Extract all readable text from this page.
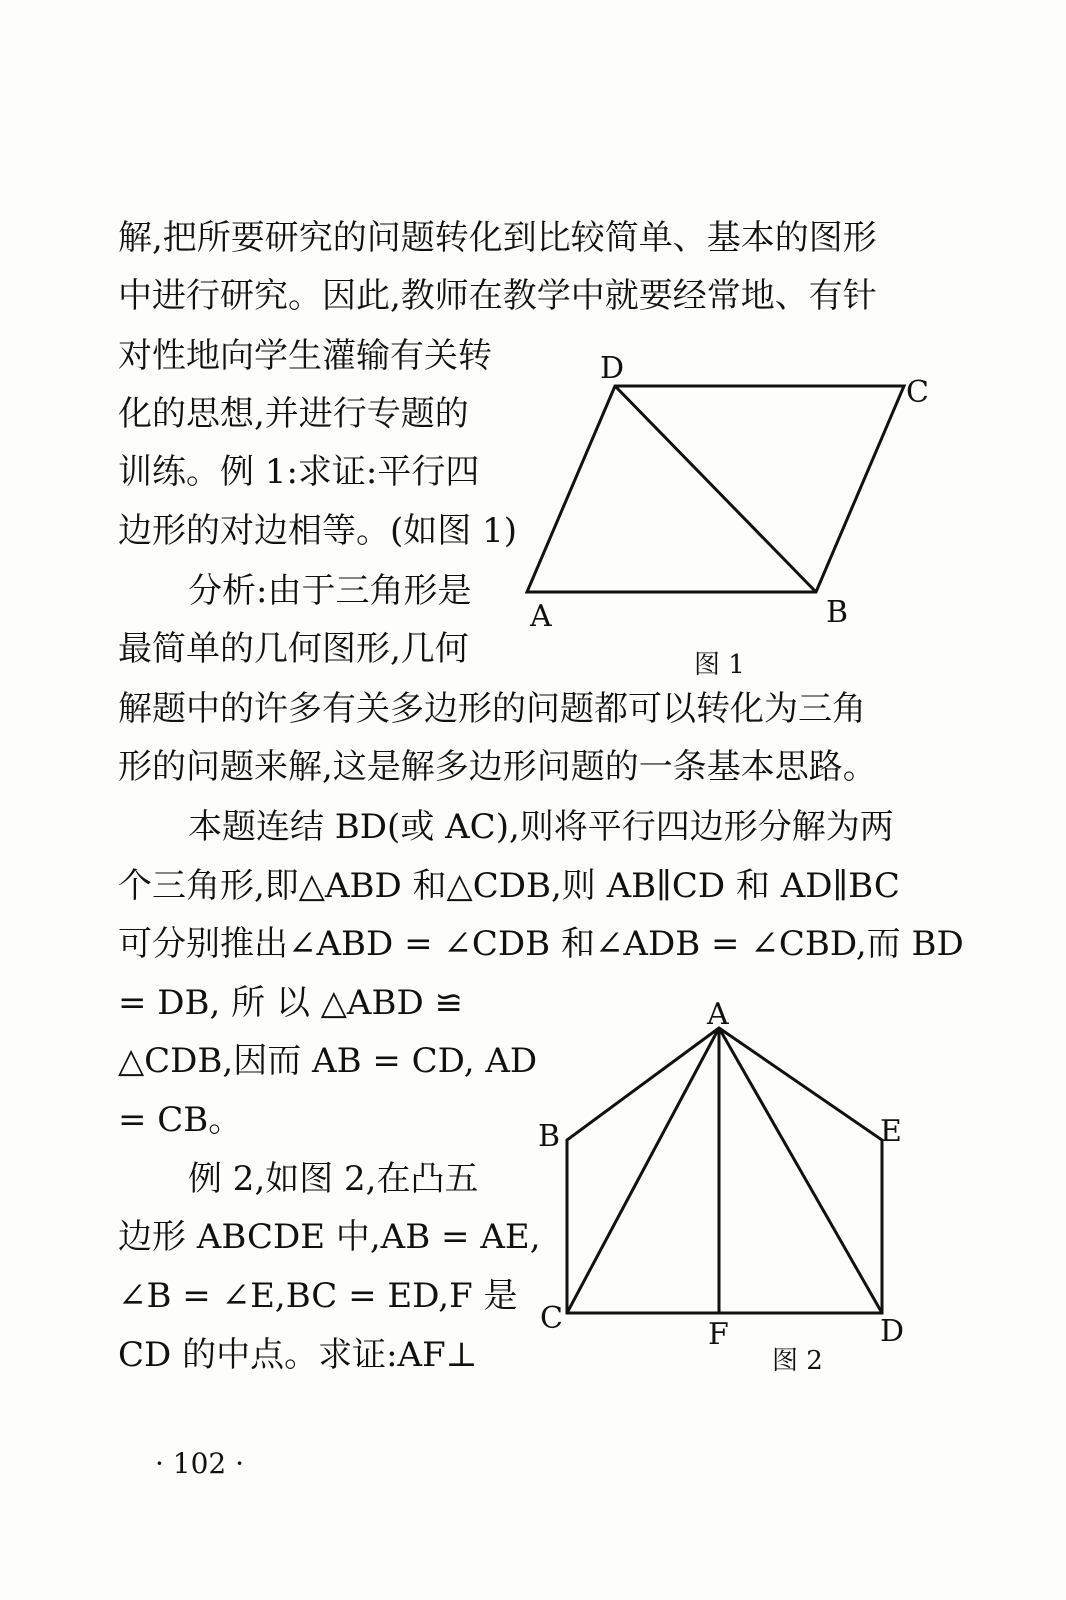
解,把所要研究的问题转化到比较简单、基本的图形
中进行研究。因此,教师在教学中就要经常地、有针
对性地向学生灌输有关转
化的思想,并进行专题的
训练。例 1:求证:平行四
边形的对边相等。(如图 1)
分析:由于三角形是
最简单的几何图形,几何
解题中的许多有关多边形的问题都可以转化为三角
形的问题来解,这是解多边形问题的一条基本思路。
本题连结 BD(或 AC),则将平行四边形分解为两
个三角形,即△ABD 和△CDB,则 AB∥CD 和 AD∥BC
可分别推出∠ABD = ∠CDB 和∠ADB = ∠CBD,而 BD
= DB, 所 以 △ABD ≌
△CDB,因而 AB = CD, AD
= CB。
例 2,如图 2,在凸五
边形 ABCDE 中,AB = AE,
∠B = ∠E,BC = ED,F 是
CD 的中点。求证:AF⊥
D
C
A	B
图 1
A
B	E
C	F	D
图 2
· 102 ·
